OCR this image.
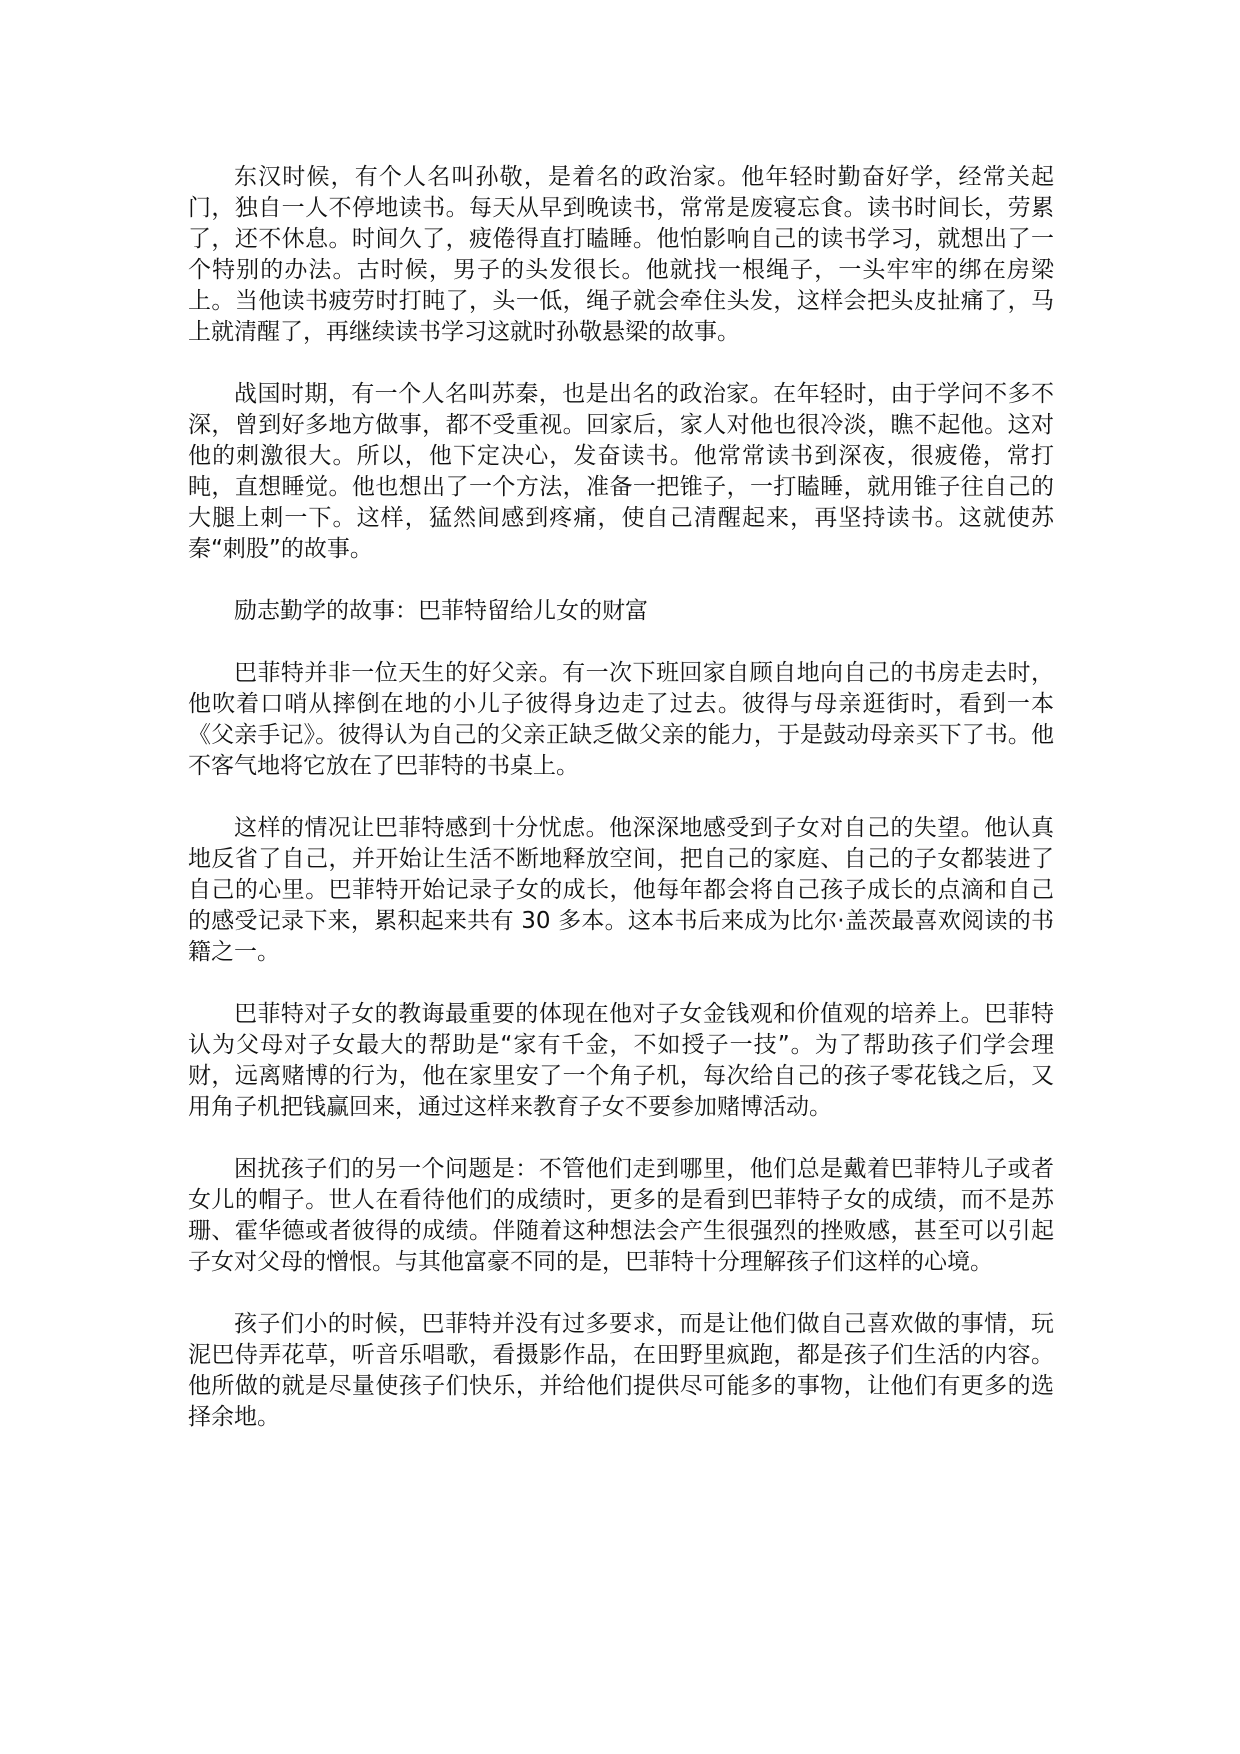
东汉时候，有个人名叫孙敬，是着名的政治家。他年轻时勤奋好学，经常关起门，独自一人不停地读书。每天从早到晚读书，常常是废寝忘食。读书时间长，劳累了，还不休息。时间久了，疲倦得直打瞌睡。他怕影响自己的读书学习，就想出了一个特别的办法。古时候，男子的头发很长。他就找一根绳子，一头牢牢的绑在房梁上。当他读书疲劳时打盹了，头一低，绳子就会牵住头发，这样会把头皮扯痛了，马上就清醒了，再继续读书学习这就时孙敬悬梁的故事。

战国时期，有一个人名叫苏秦，也是出名的政治家。在年轻时，由于学问不多不深，曾到好多地方做事，都不受重视。回家后，家人对他也很冷淡，瞧不起他。这对他的刺激很大。所以，他下定决心，发奋读书。他常常读书到深夜，很疲倦，常打盹，直想睡觉。他也想出了一个方法，准备一把锥子，一打瞌睡，就用锥子往自己的大腿上刺一下。这样，猛然间感到疼痛，使自己清醒起来，再坚持读书。这就使苏秦“刺股”的故事。

励志勤学的故事：巴菲特留给儿女的财富

巴菲特并非一位天生的好父亲。有一次下班回家自顾自地向自己的书房走去时，他吹着口哨从摔倒在地的小儿子彼得身边走了过去。彼得与母亲逛街时，看到一本《父亲手记》。彼得认为自己的父亲正缺乏做父亲的能力，于是鼓动母亲买下了书。他不客气地将它放在了巴菲特的书桌上。

这样的情况让巴菲特感到十分忧虑。他深深地感受到子女对自己的失望。他认真地反省了自己，并开始让生活不断地释放空间，把自己的家庭、自己的子女都装进了自己的心里。巴菲特开始记录子女的成长，他每年都会将自己孩子成长的点滴和自己的感受记录下来，累积起来共有 30 多本。这本书后来成为比尔·盖茨最喜欢阅读的书籍之一。

巴菲特对子女的教诲最重要的体现在他对子女金钱观和价值观的培养上。巴菲特认为父母对子女最大的帮助是“家有千金，不如授子一技”。为了帮助孩子们学会理财，远离赌博的行为，他在家里安了一个角子机，每次给自己的孩子零花钱之后，又用角子机把钱赢回来，通过这样来教育子女不要参加赌博活动。

困扰孩子们的另一个问题是：不管他们走到哪里，他们总是戴着巴菲特儿子或者女儿的帽子。世人在看待他们的成绩时，更多的是看到巴菲特子女的成绩，而不是苏珊、霍华德或者彼得的成绩。伴随着这种想法会产生很强烈的挫败感，甚至可以引起子女对父母的憎恨。与其他富豪不同的是，巴菲特十分理解孩子们这样的心境。

孩子们小的时候，巴菲特并没有过多要求，而是让他们做自己喜欢做的事情，玩泥巴侍弄花草，听音乐唱歌，看摄影作品，在田野里疯跑，都是孩子们生活的内容。他所做的就是尽量使孩子们快乐，并给他们提供尽可能多的事物，让他们有更多的选择余地。
